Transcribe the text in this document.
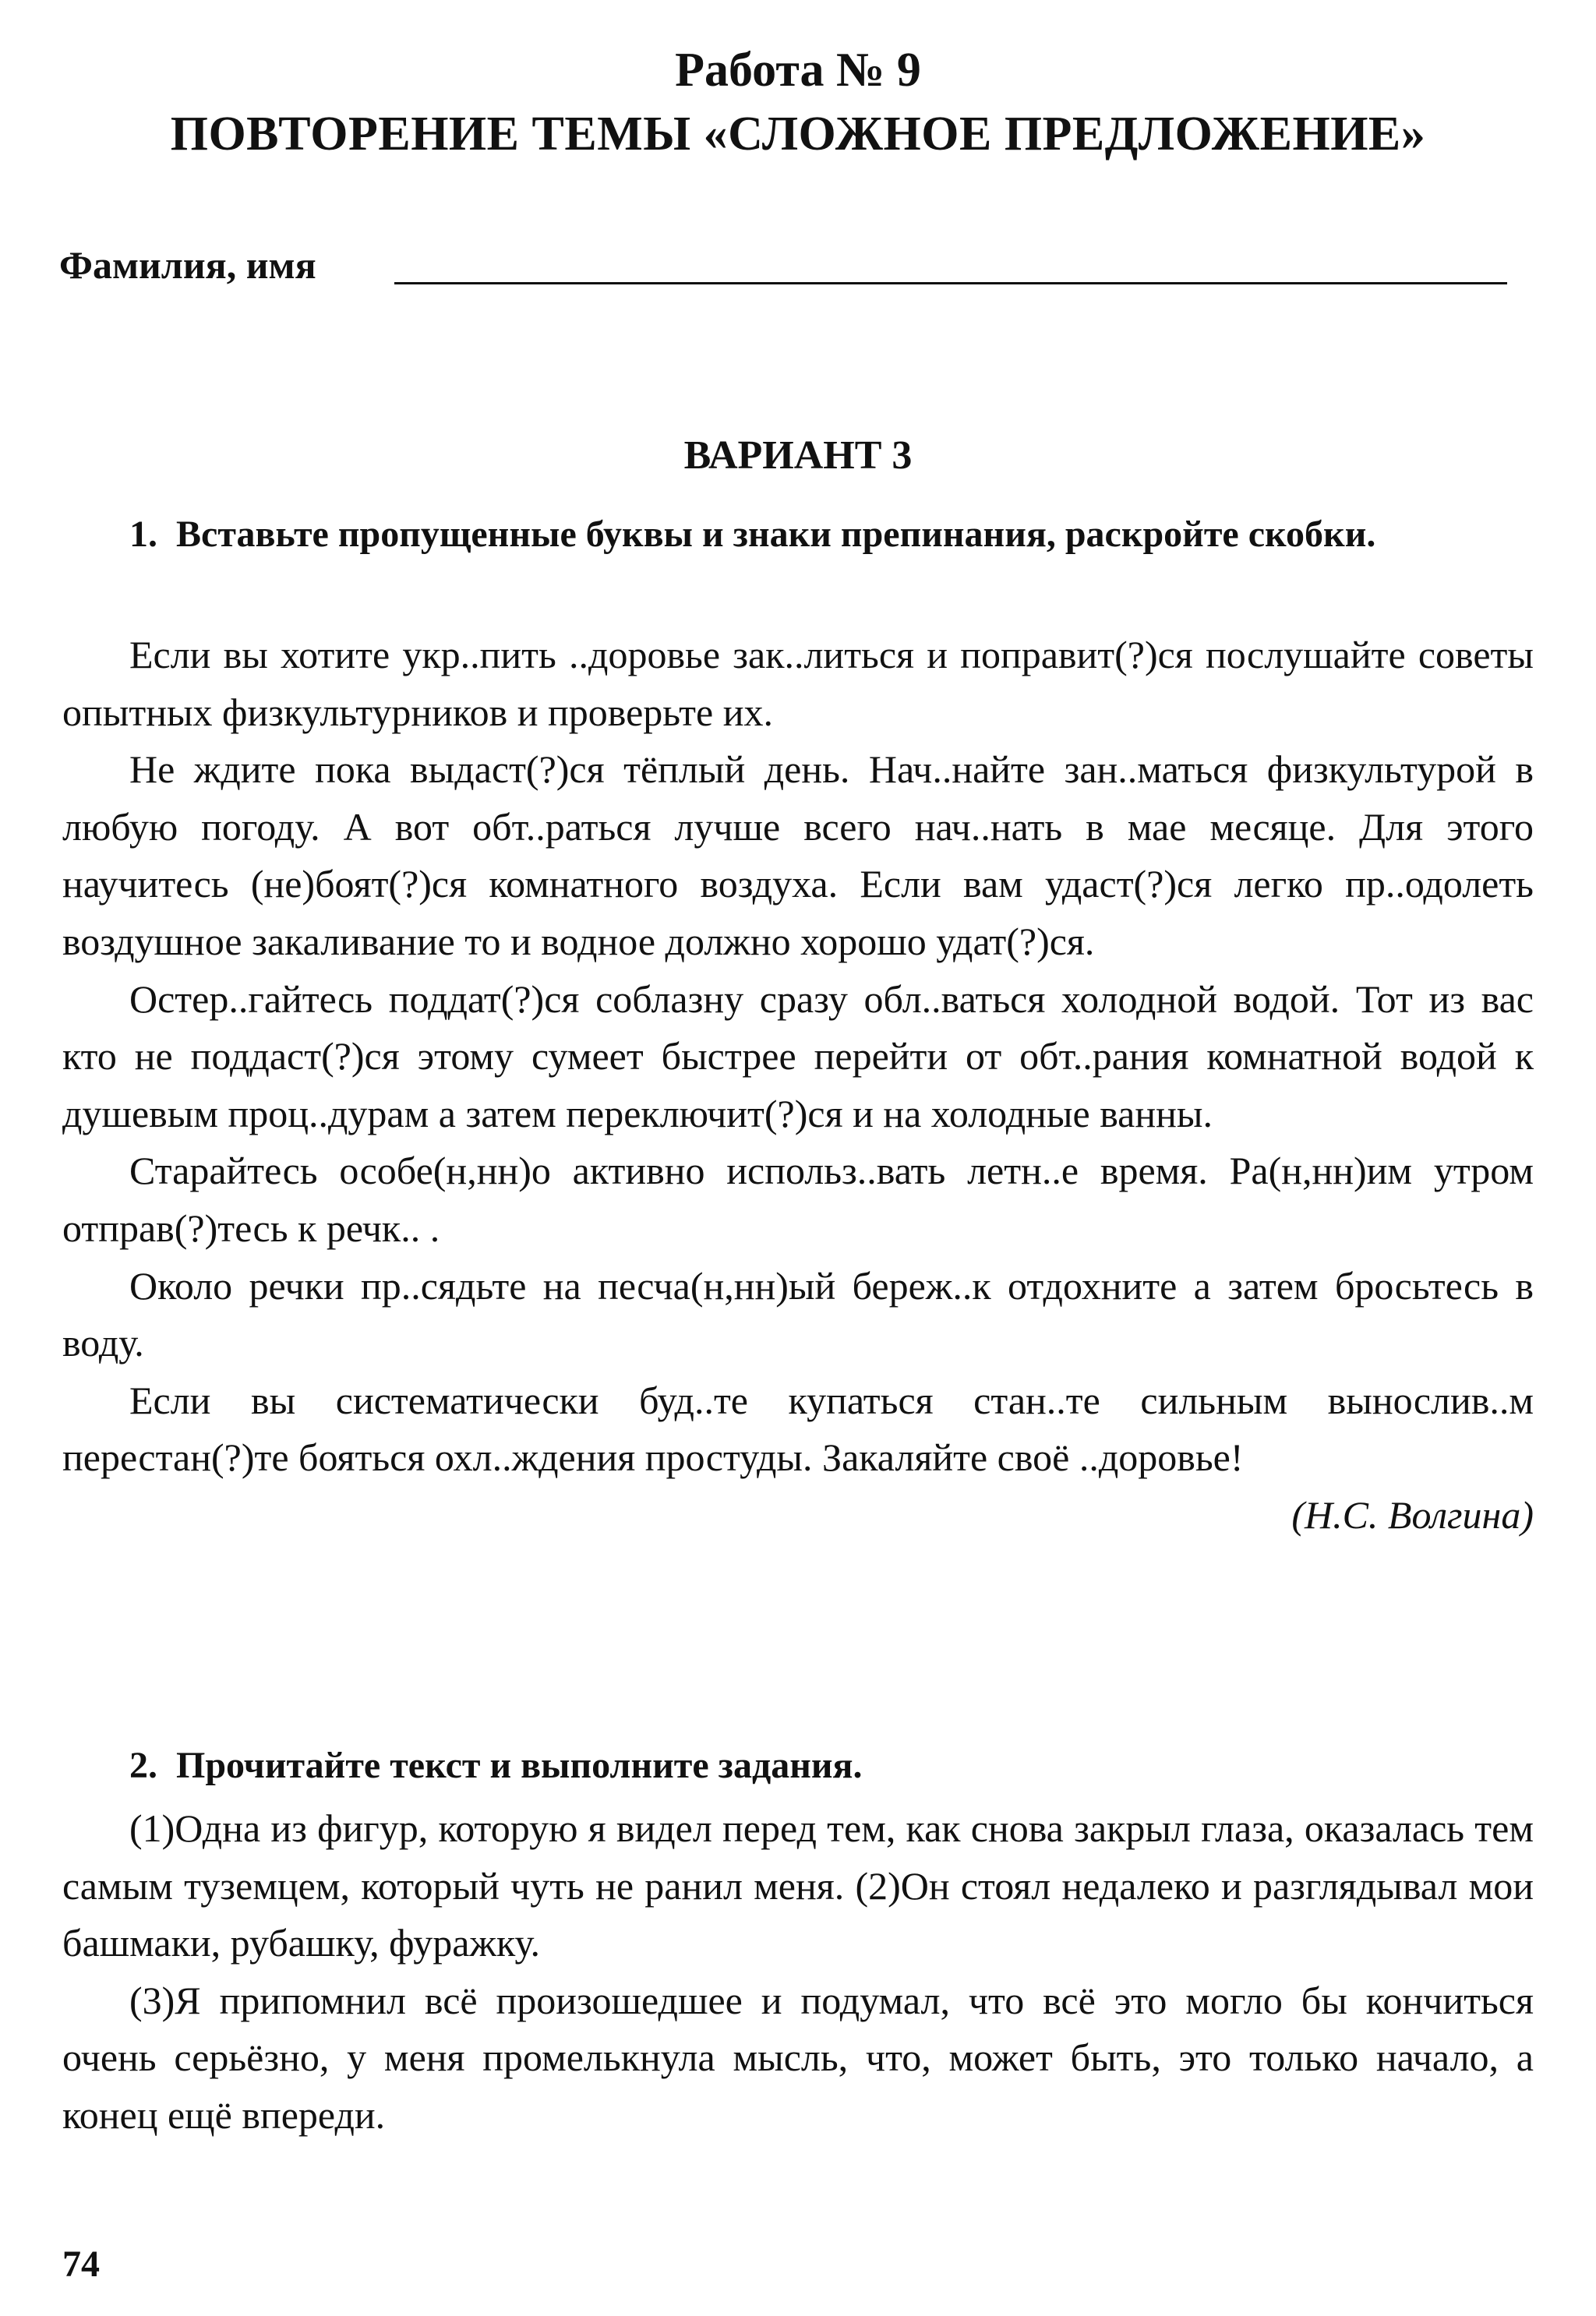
Работа № 9
ПОВТОРЕНИЕ ТЕМЫ «СЛОЖНОЕ ПРЕДЛОЖЕНИЕ»
Фамилия, имя
ВАРИАНТ 3
1. Вставьте пропущенные буквы и знаки препинания, раскройте скобки.

Если вы хотите укр..пить ..доровье зак..литься и поправит(?)ся послушайте советы опытных физкультурников и проверьте их.

Не ждите пока выдаст(?)ся тёплый день. Нач..найте зан..маться физкультурой в любую погоду. А вот обт..раться лучше всего нач..нать в мае месяце. Для этого научитесь (не)боят(?)ся комнатного воздуха. Если вам удаст(?)ся легко пр..одолеть воздушное закаливание то и водное должно хорошо удат(?)ся.

Остер..гайтесь поддат(?)ся соблазну сразу обл..ваться холодной водой. Тот из вас кто не поддаст(?)ся этому сумеет быстрее перейти от обт..рания комнатной водой к душевым проц..дурам а затем переключит(?)ся и на холодные ванны.

Старайтесь особе(н,нн)о активно использ..вать летн..е время. Ра(н,нн)им утром отправ(?)тесь к речк.. .

Около речки пр..сядьте на песча(н,нн)ый береж..к отдохните а затем бросьтесь в воду.

Если вы систематически буд..те купаться стан..те сильным вынослив..м перестан(?)те бояться охл..ждения простуды. Закаляйте своё ..доровье!

(Н.С. Волгина)

2. Прочитайте текст и выполните задания.

(1)Одна из фигур, которую я видел перед тем, как снова закрыл глаза, оказалась тем самым туземцем, который чуть не ранил меня. (2)Он стоял недалеко и разглядывал мои башмаки, рубашку, фуражку.

(3)Я припомнил всё произошедшее и подумал, что всё это могло бы кончиться очень серьёзно, у меня промелькнула мысль, что, может быть, это только начало, а конец ещё впереди.

74
